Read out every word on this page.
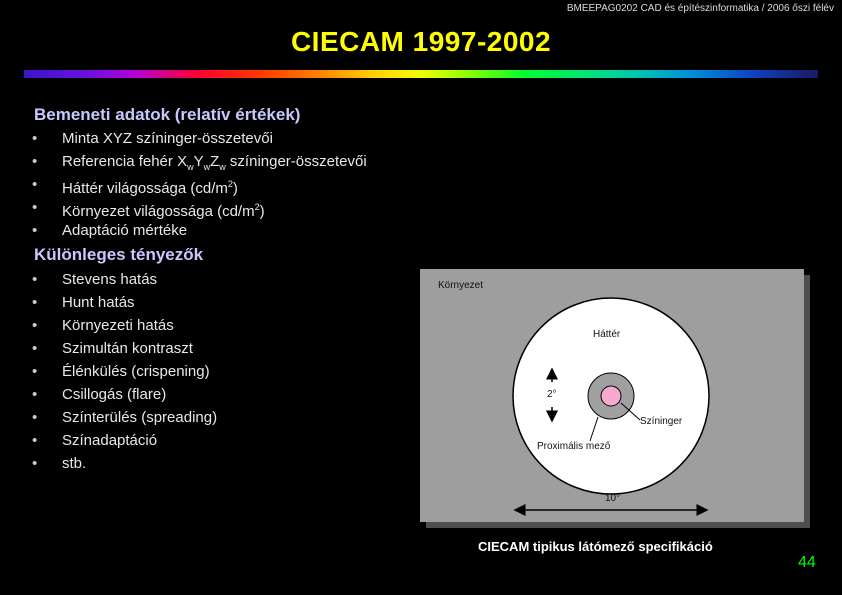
BMEEPAG0202 CAD és építészinformatika / 2006 őszi félév
CIECAM 1997-2002
Bemeneti adatok (relatív értékek)
• Minta XYZ színinger-összetevői
• Referencia fehér $X_wY_wZ_w$ színinger-összetevői
• Háttér világossága $(cd/m^2)$
• Környezet világossága $(cd/m^2)$
• Adaptáció mértéke
Különleges tényezők
• Stevens hatás
• Hunt hatás
• Környezeti hatás
• Szimultán kontraszt
• Élénkülés (crispening)
• Csillogás (flare)
• Színterülés (spreading)
• Színadaptáció
• stb.
Környezet
Háttér
2°
Színinger
Proximális mező
10°
CIECAM tipikus látómező specifikáció
44
